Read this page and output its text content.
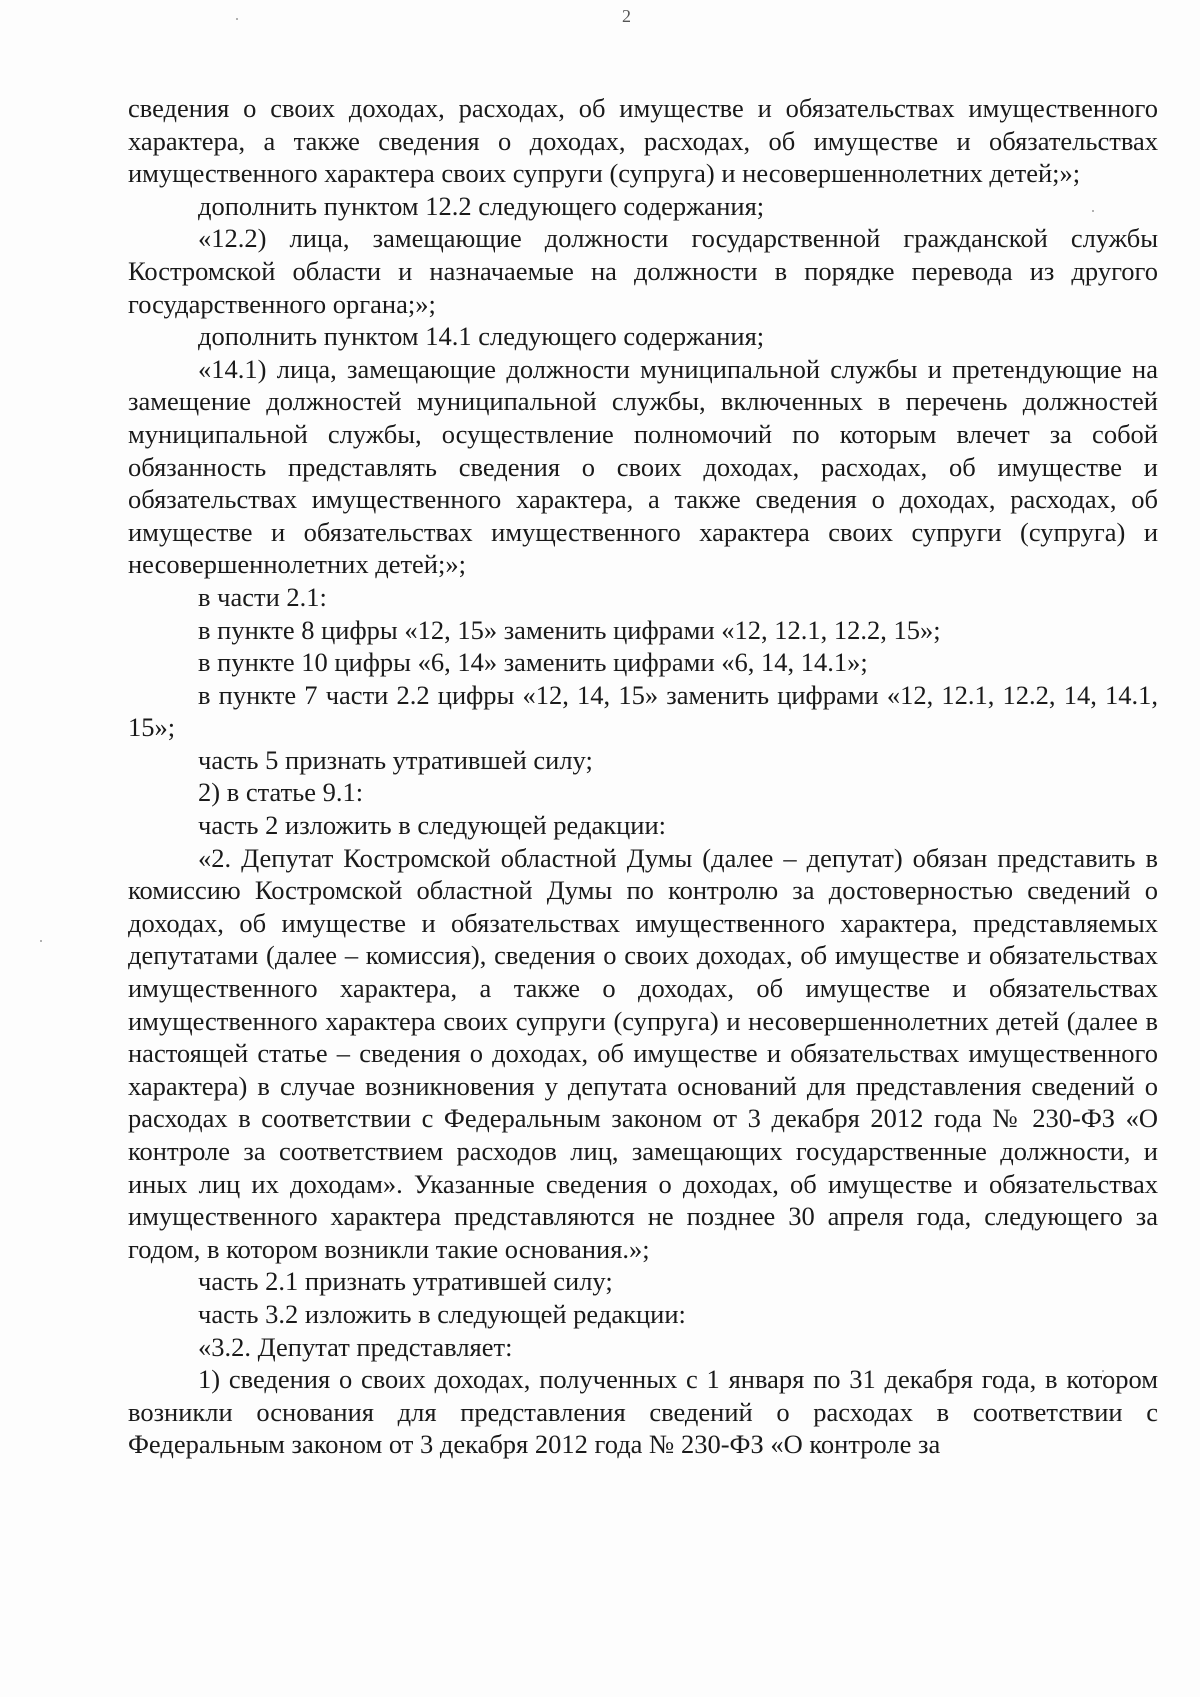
2

сведения о своих доходах, расходах, об имуществе и обязательствах имущественного характера, а также сведения о доходах, расходах, об имуществе и обязательствах имущественного характера своих супруги (супруга) и несовершеннолетних детей;»;

дополнить пунктом 12.2 следующего содержания;

«12.2) лица, замещающие должности государственной гражданской службы Костромской области и назначаемые на должности в порядке перевода из другого государственного органа;»;

дополнить пунктом 14.1 следующего содержания;

«14.1) лица, замещающие должности муниципальной службы и претендующие на замещение должностей муниципальной службы, включенных в перечень должностей муниципальной службы, осуществление полномочий по которым влечет за собой обязанность представлять сведения о своих доходах, расходах, об имуществе и обязательствах имущественного характера, а также сведения о доходах, расходах, об имуществе и обязательствах имущественного характера своих супруги (супруга) и несовершеннолетних детей;»;

в части 2.1:

в пункте 8 цифры «12, 15» заменить цифрами «12, 12.1, 12.2, 15»;

в пункте 10 цифры «6, 14» заменить цифрами «6, 14, 14.1»;

в пункте 7 части 2.2 цифры «12, 14, 15» заменить цифрами «12, 12.1, 12.2, 14, 14.1, 15»;

часть 5 признать утратившей силу;

2) в статье 9.1:

часть 2 изложить в следующей редакции:

«2. Депутат Костромской областной Думы (далее – депутат) обязан представить в комиссию Костромской областной Думы по контролю за достоверностью сведений о доходах, об имуществе и обязательствах имущественного характера, представляемых депутатами (далее – комиссия), сведения о своих доходах, об имуществе и обязательствах имущественного характера, а также о доходах, об имуществе и обязательствах имущественного характера своих супруги (супруга) и несовершеннолетних детей (далее в настоящей статье – сведения о доходах, об имуществе и обязательствах имущественного характера) в случае возникновения у депутата оснований для представления сведений о расходах в соответствии с Федеральным законом от 3 декабря 2012 года № 230-ФЗ «О контроле за соответствием расходов лиц, замещающих государственные должности, и иных лиц их доходам». Указанные сведения о доходах, об имуществе и обязательствах имущественного характера представляются не позднее 30 апреля года, следующего за годом, в котором возникли такие основания.»;

часть 2.1 признать утратившей силу;

часть 3.2 изложить в следующей редакции:

«3.2. Депутат представляет:

1) сведения о своих доходах, полученных с 1 января по 31 декабря года, в котором возникли основания для представления сведений о расходах в соответствии с Федеральным законом от 3 декабря 2012 года № 230-ФЗ «О контроле за
